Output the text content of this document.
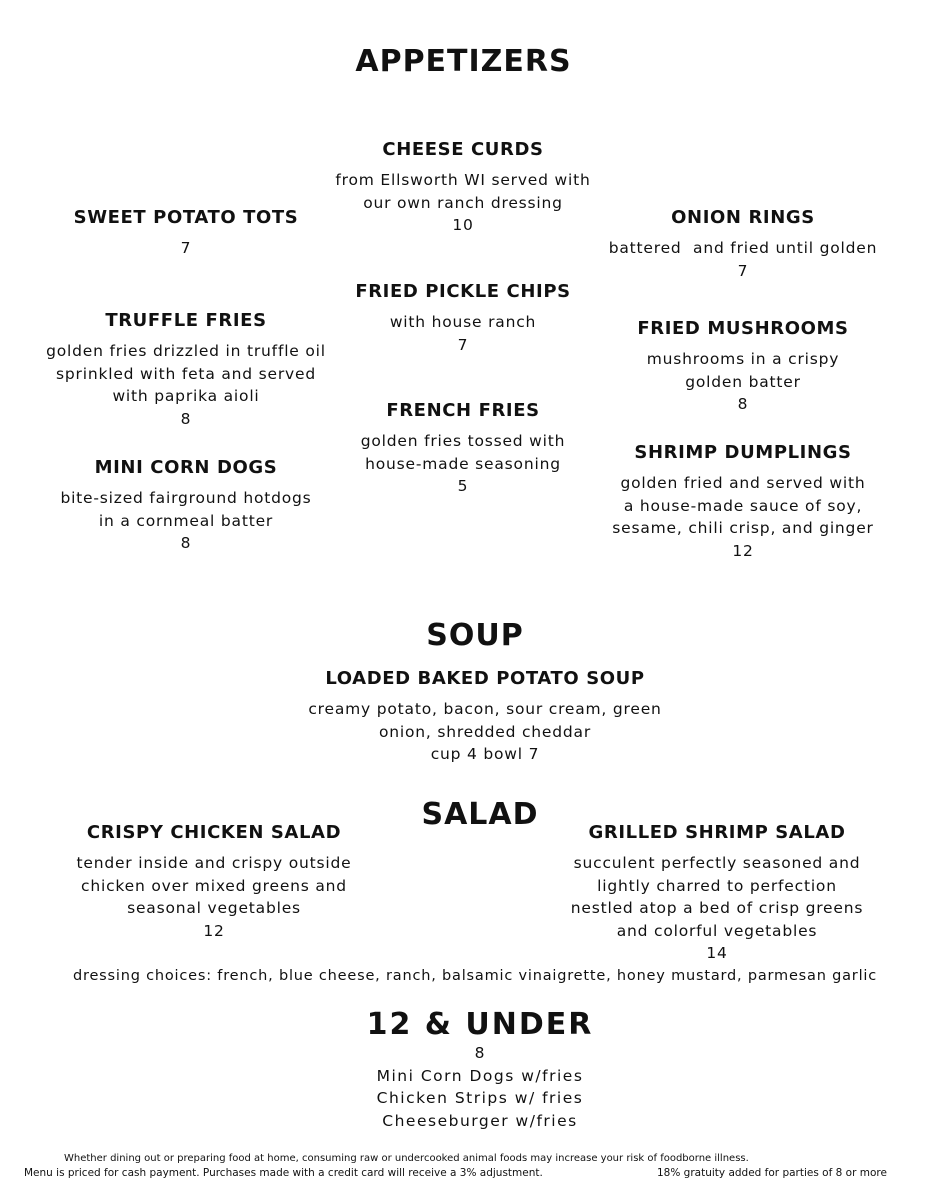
APPETIZERS
CHEESE CURDS
from Ellsworth WI served with
our own ranch dressing
10
SWEET POTATO TOTS
7
ONION RINGS
battered  and fried until golden
7
FRIED PICKLE CHIPS
with house ranch
7
TRUFFLE FRIES
golden fries drizzled in truffle oil
sprinkled with feta and served
with paprika aioli
8
FRIED MUSHROOMS
mushrooms in a crispy
golden batter
8
FRENCH FRIES
golden fries tossed with
house-made seasoning
5
MINI CORN DOGS
bite-sized fairground hotdogs
in a cornmeal batter
8
SHRIMP DUMPLINGS
golden fried and served with
a house-made sauce of soy,
sesame, chili crisp, and ginger
12
SOUP
LOADED BAKED POTATO SOUP
creamy potato, bacon, sour cream, green
onion, shredded cheddar
cup 4 bowl 7
SALAD
CRISPY CHICKEN SALAD
tender inside and crispy outside
chicken over mixed greens and
seasonal vegetables
12
GRILLED SHRIMP SALAD
succulent perfectly seasoned and
lightly charred to perfection
nestled atop a bed of crisp greens
and colorful vegetables
14
dressing choices: french, blue cheese, ranch, balsamic vinaigrette, honey mustard, parmesan garlic
12 & UNDER
8
Mini Corn Dogs w/fries
Chicken Strips w/ fries
Cheeseburger w/fries
Whether dining out or preparing food at home, consuming raw or undercooked animal foods may increase your risk of foodborne illness.
Menu is priced for cash payment. Purchases made with a credit card will receive a 3% adjustment.	18% gratuity added for parties of 8 or more
